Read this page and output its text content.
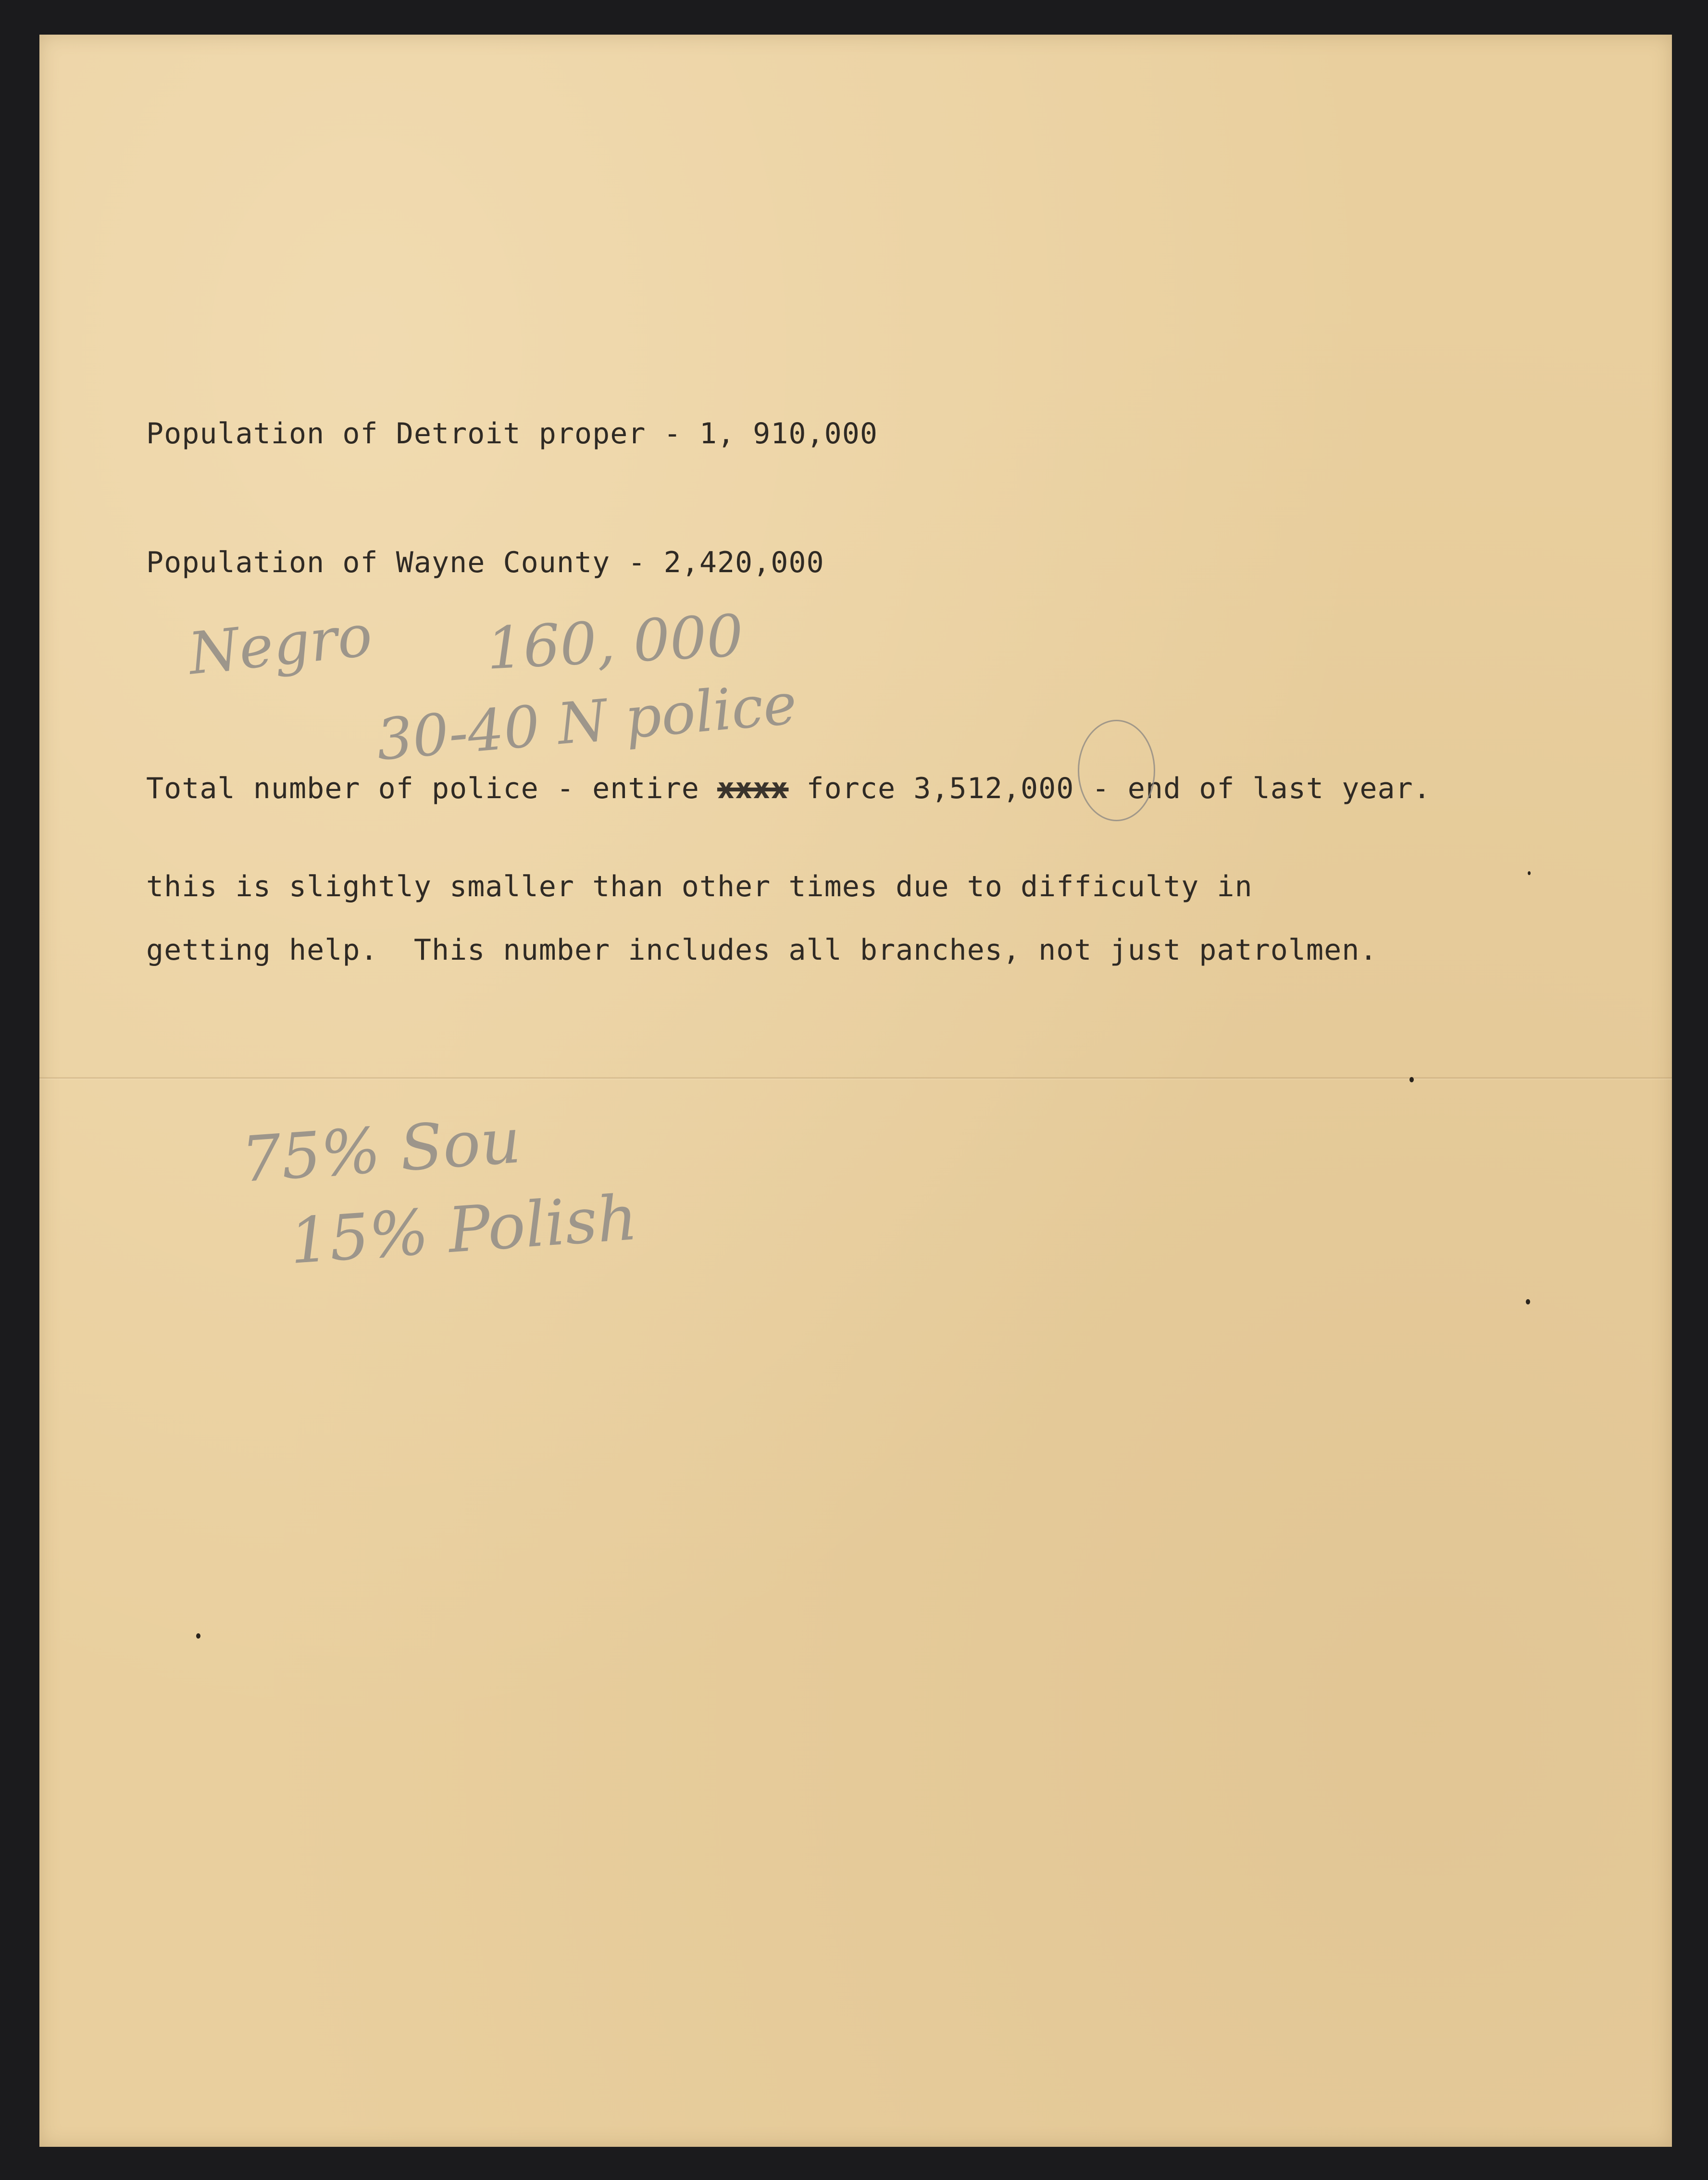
Population of Detroit proper - 1, 910,000

Population of Wayne County - 2,420,000

Negro 160, 000

30-40 N police

Total number of police - entire xxxx force 3,512,000 - end of last year.

this is slightly smaller than other times due to difficulty in

getting help.  This number includes all branches, not just patrolmen.

75% Sou

15% Polish
